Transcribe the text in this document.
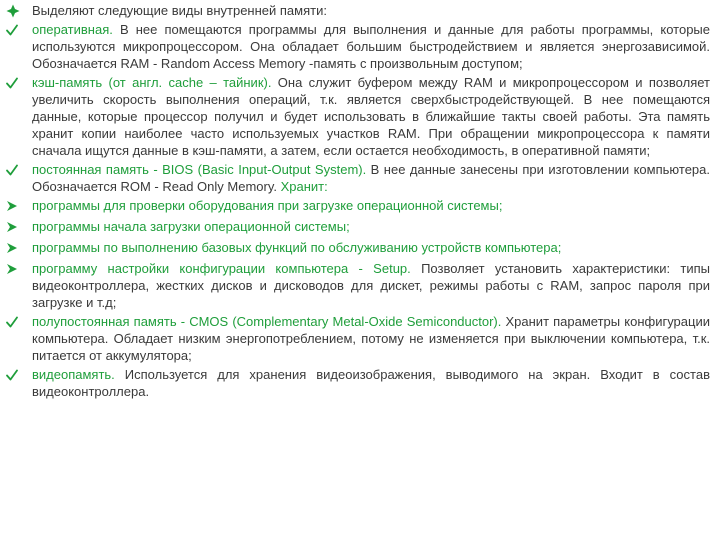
Выделяют следующие виды внутренней памяти:
оперативная. В нее помещаются программы для выполнения и данные для работы программы, которые используются микропроцессором. Она обладает большим быстродействием и является энергозависимой. Обозначается RAM - Random Access Memory -память с произвольным доступом;
кэш-память (от англ. cache – тайник). Она служит буфером между RAM и микропроцессором и позволяет увеличить скорость выполнения операций, т.к. является сверхбыстродействующей. В нее помещаются данные, которые процессор получил и будет использовать в ближайшие такты своей работы. Эта память хранит копии наиболее часто используемых участков RAM. При обращении микропроцессора к памяти сначала ищутся данные в кэш-памяти, а затем, если остается необходимость, в оперативной памяти;
постоянная память - BIOS (Basic Input-Output System). В нее данные занесены при изготовлении компьютера. Обозначается ROM - Read Only Memory. Хранит:
программы для проверки оборудования при загрузке операционной системы;
программы начала загрузки операционной системы;
программы по выполнению базовых функций по обслуживанию устройств компьютера;
программу настройки конфигурации компьютера - Setup. Позволяет установить характеристики: типы видеоконтроллера, жестких дисков и дисководов для дискет, режимы работы с RAM, запрос пароля при загрузке и т.д;
полупостоянная память - CMOS (Complementary Metal-Oxide Semiconductor). Хранит параметры конфигурации компьютера. Обладает низким энергопотреблением, потому не изменяется при выключении компьютера, т.к. питается от аккумулятора;
видеопамять. Используется для хранения видеоизображения, выводимого на экран. Входит в состав видеоконтроллера.
